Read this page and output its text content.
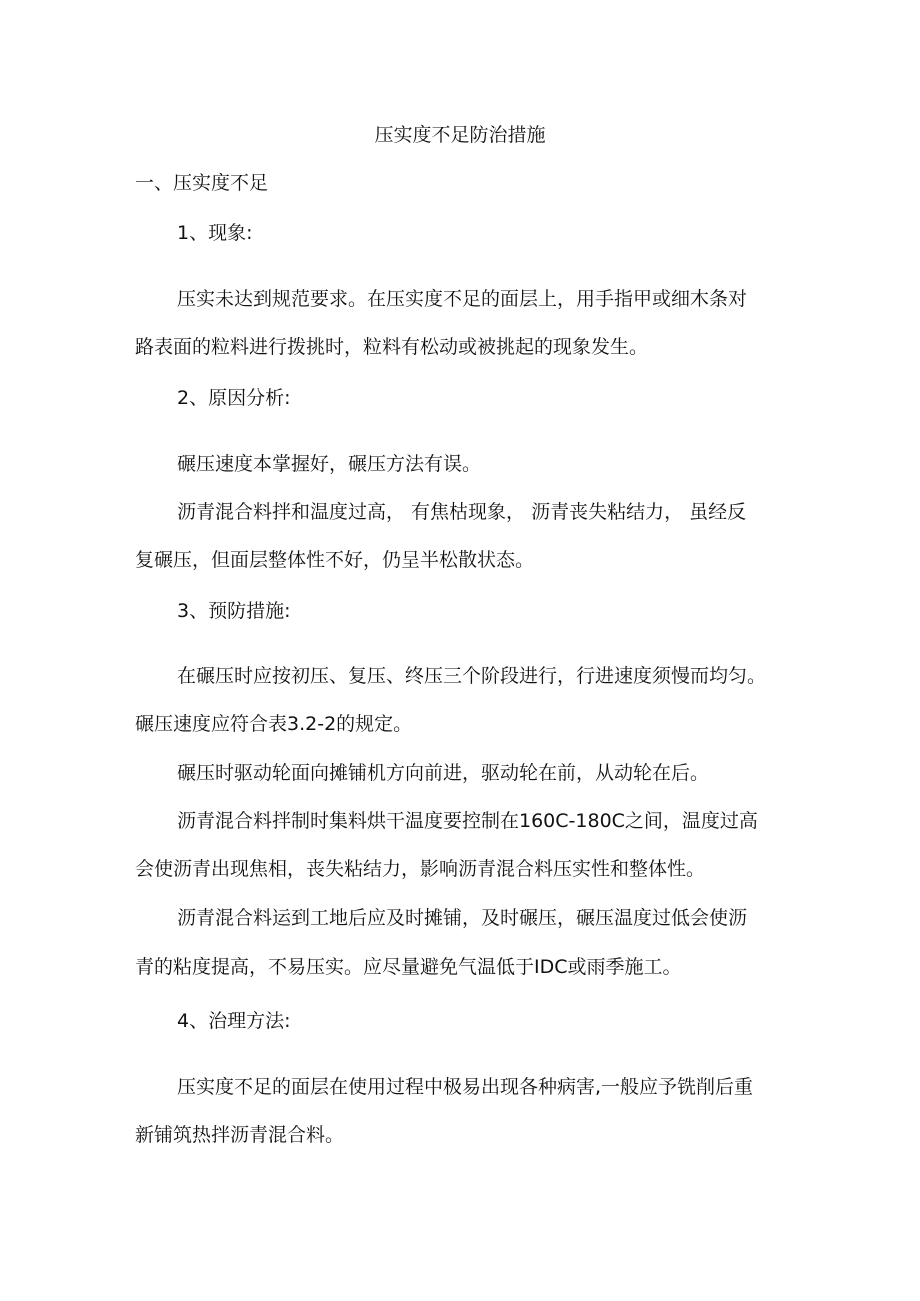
压实度不足防治措施
一、压实度不足
1、现象:
压实未达到规范要求。在压实度不足的面层上，用手指甲或细木条对
路表面的粒料进行拨挑时，粒料有松动或被挑起的现象发生。
2、原因分析:
碾压速度本掌握好，碾压方法有误。
沥青混合料拌和温度过高， 有焦枯现象， 沥青丧失粘结力， 虽经反
复碾压，但面层整体性不好，仍呈半松散状态。
3、预防措施:
在碾压时应按初压、复压、终压三个阶段进行，行进速度须慢而均匀。
碾压速度应符合表3.2-2的规定。
碾压时驱动轮面向摊铺机方向前进，驱动轮在前，从动轮在后。
沥青混合料拌制时集料烘干温度要控制在160C-180C之间，温度过高
会使沥青出现焦相，丧失粘结力，影响沥青混合料压实性和整体性。
沥青混合料运到工地后应及时摊铺，及时碾压，碾压温度过低会使沥
青的粘度提高，不易压实。应尽量避免气温低于IDC或雨季施工。
4、治理方法:
压实度不足的面层在使用过程中极易出现各种病害,一般应予铣削后重
新铺筑热拌沥青混合料。
